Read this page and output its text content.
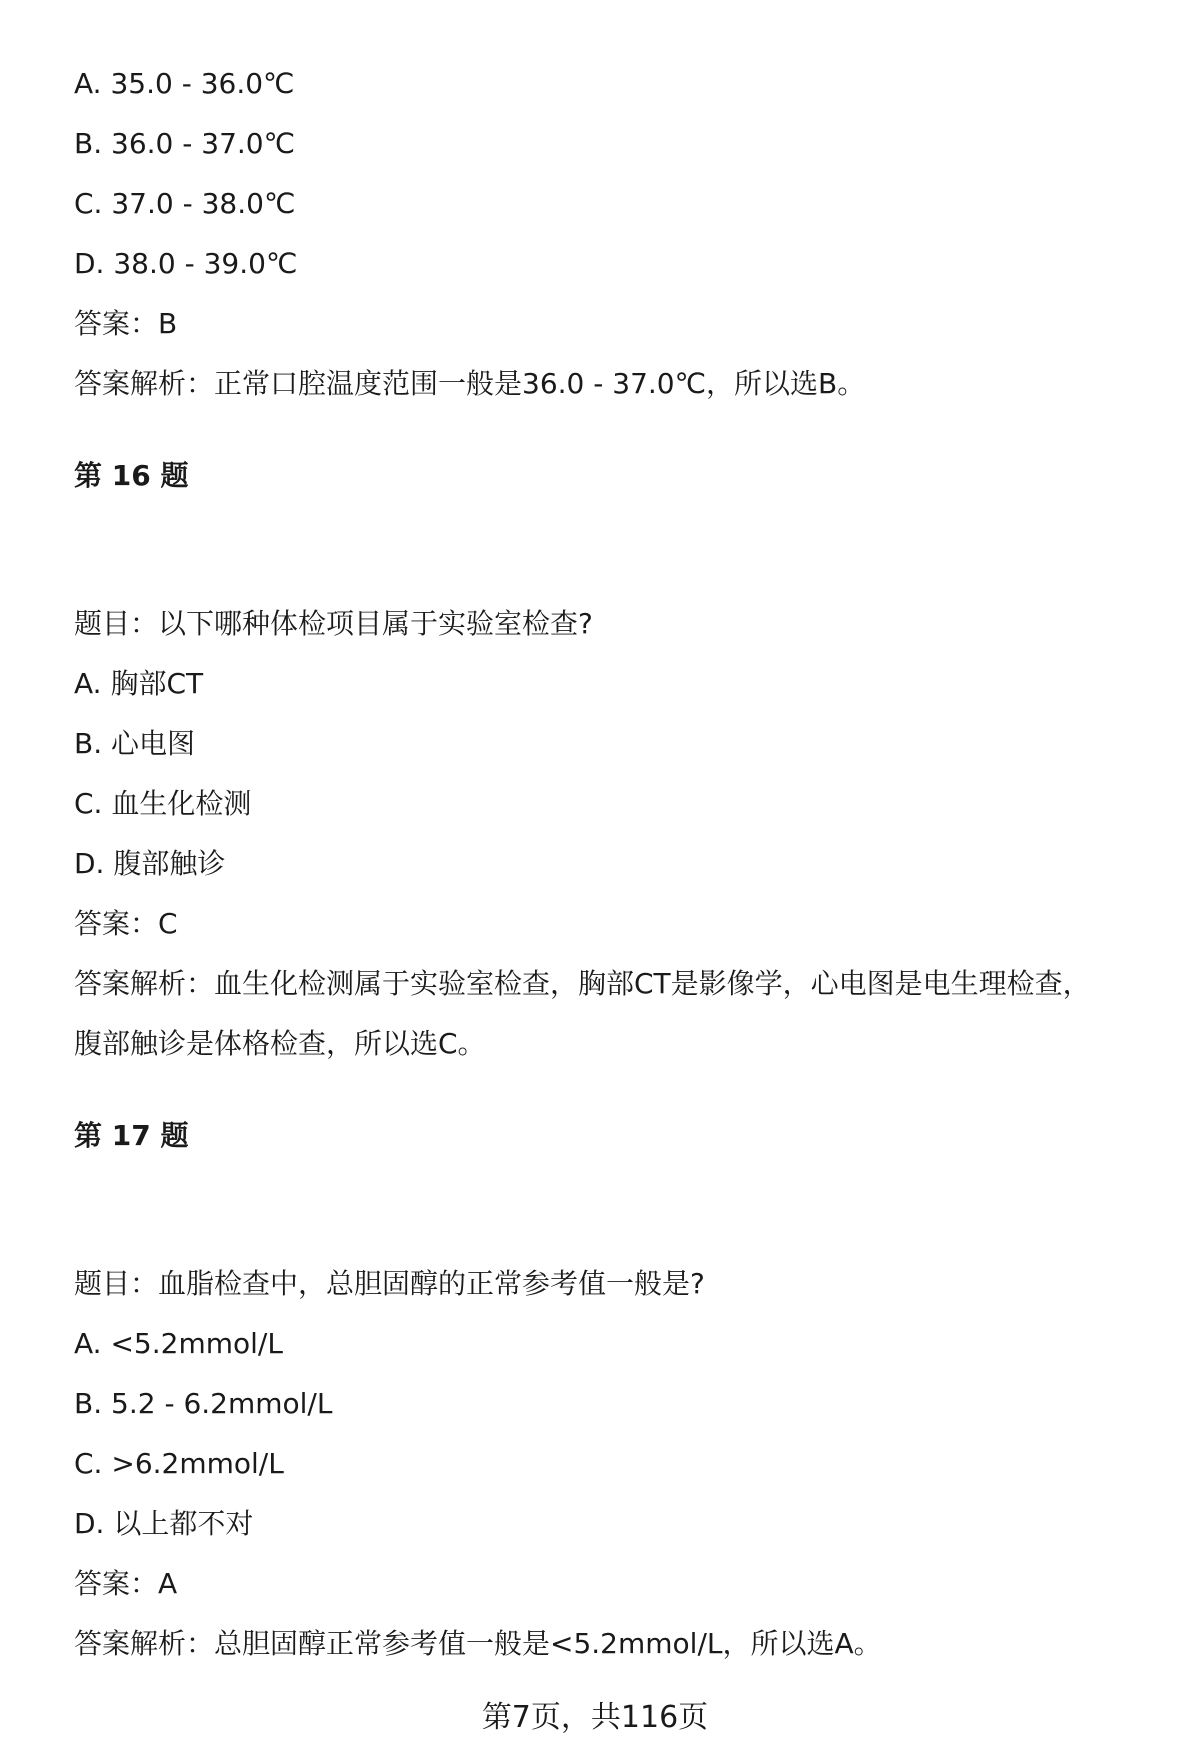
A. 35.0 - 36.0℃
B. 36.0 - 37.0℃
C. 37.0 - 38.0℃
D. 38.0 - 39.0℃
答案：B
答案解析：正常口腔温度范围一般是36.0 - 37.0℃，所以选B。
第 16 题
题目：以下哪种体检项目属于实验室检查?
A. 胸部CT
B. 心电图
C. 血生化检测
D. 腹部触诊
答案：C
答案解析：血生化检测属于实验室检查，胸部CT是影像学，心电图是电生理检查，
腹部触诊是体格检查，所以选C。
第 17 题
题目：血脂检查中，总胆固醇的正常参考值一般是?
A. <5.2mmol/L
B. 5.2 - 6.2mmol/L
C. >6.2mmol/L
D. 以上都不对
答案：A
答案解析：总胆固醇正常参考值一般是<5.2mmol/L，所以选A。
第7页，共116页
